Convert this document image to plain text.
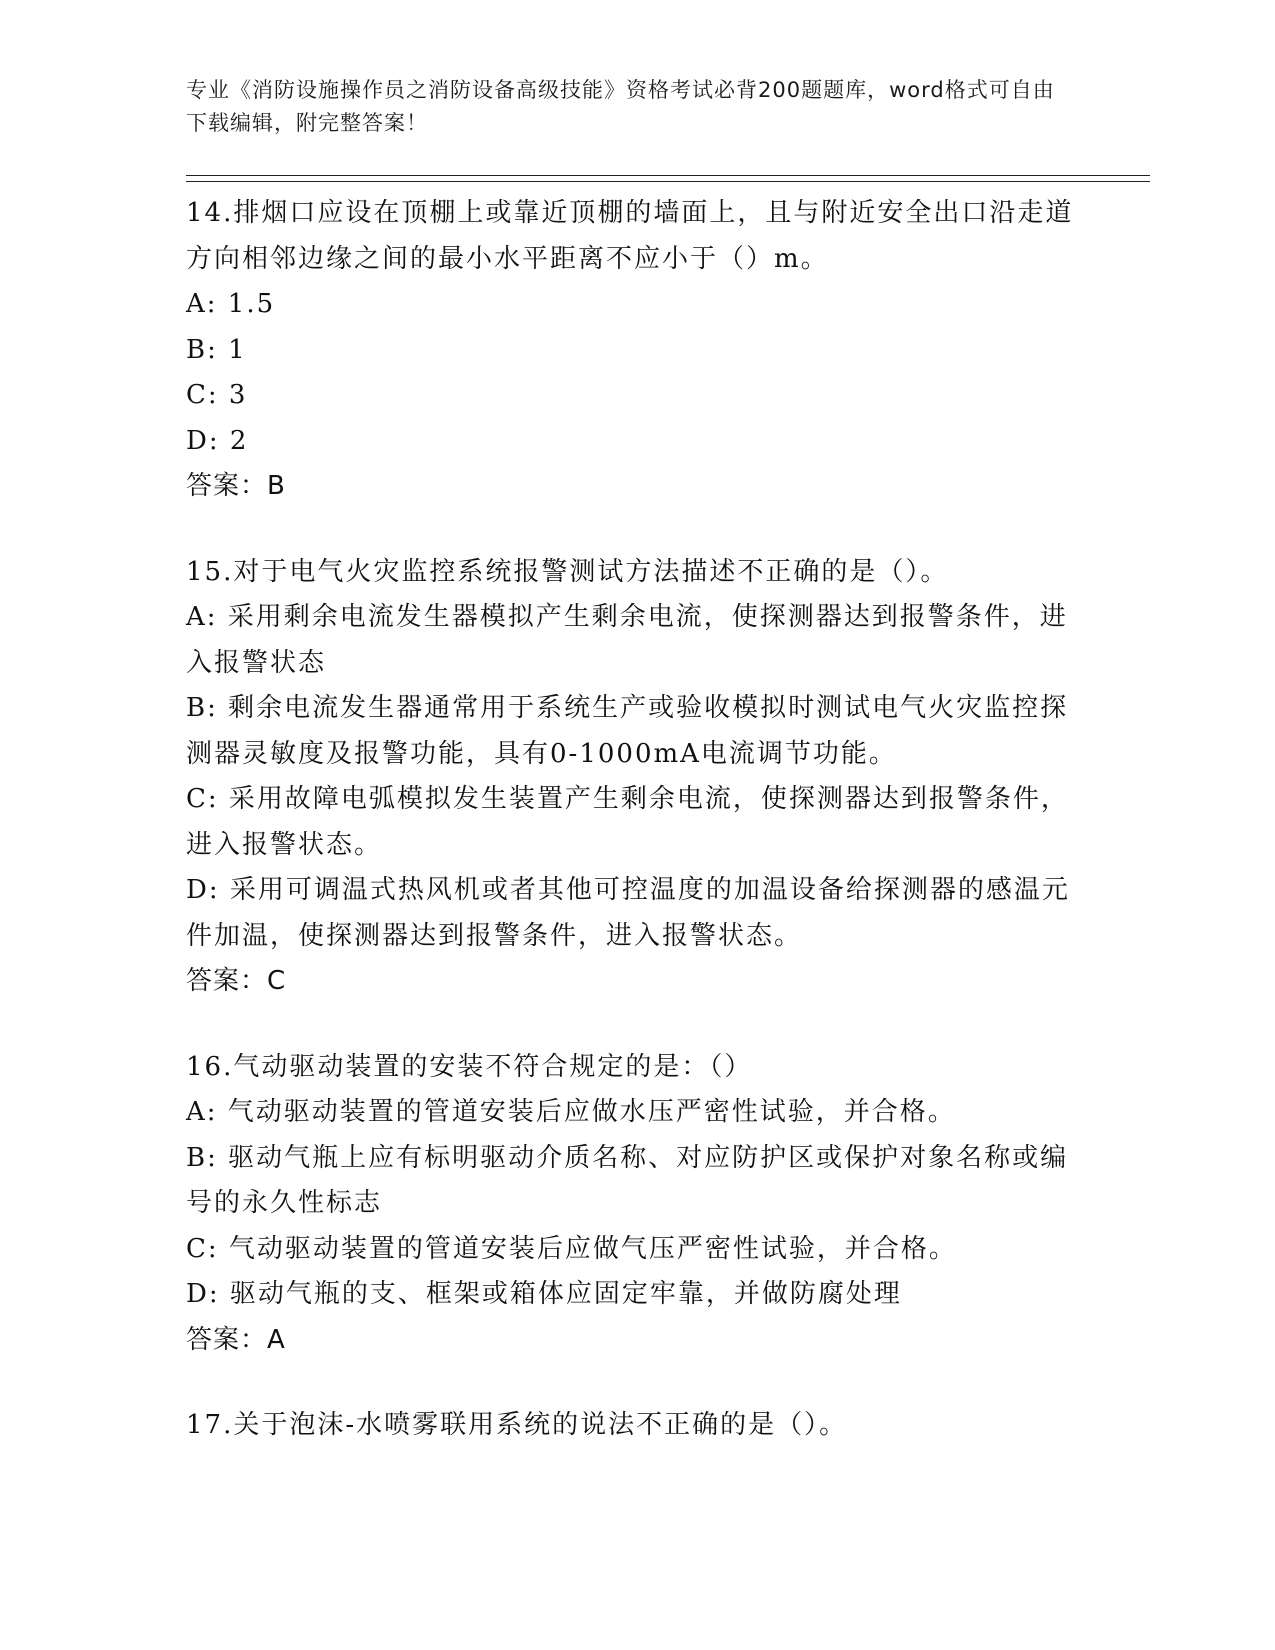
专业《消防设施操作员之消防设备高级技能》资格考试必背200题题库，word格式可自由下载编辑，附完整答案！
14.排烟口应设在顶棚上或靠近顶棚的墙面上，且与附近安全出口沿走道方向相邻边缘之间的最小水平距离不应小于（）m。
A: 1.5
B: 1
C: 3
D: 2
答案：B
15.对于电气火灾监控系统报警测试方法描述不正确的是（）。
A: 采用剩余电流发生器模拟产生剩余电流，使探测器达到报警条件，进入报警状态
B: 剩余电流发生器通常用于系统生产或验收模拟时测试电气火灾监控探测器灵敏度及报警功能，具有0-1000mA电流调节功能。
C: 采用故障电弧模拟发生装置产生剩余电流，使探测器达到报警条件，进入报警状态。
D: 采用可调温式热风机或者其他可控温度的加温设备给探测器的感温元件加温，使探测器达到报警条件，进入报警状态。
答案：C
16.气动驱动装置的安装不符合规定的是：（）
A: 气动驱动装置的管道安装后应做水压严密性试验，并合格。
B: 驱动气瓶上应有标明驱动介质名称、对应防护区或保护对象名称或编号的永久性标志
C: 气动驱动装置的管道安装后应做气压严密性试验，并合格。
D: 驱动气瓶的支、框架或箱体应固定牢靠，并做防腐处理
答案：A
17.关于泡沫-水喷雾联用系统的说法不正确的是（）。
